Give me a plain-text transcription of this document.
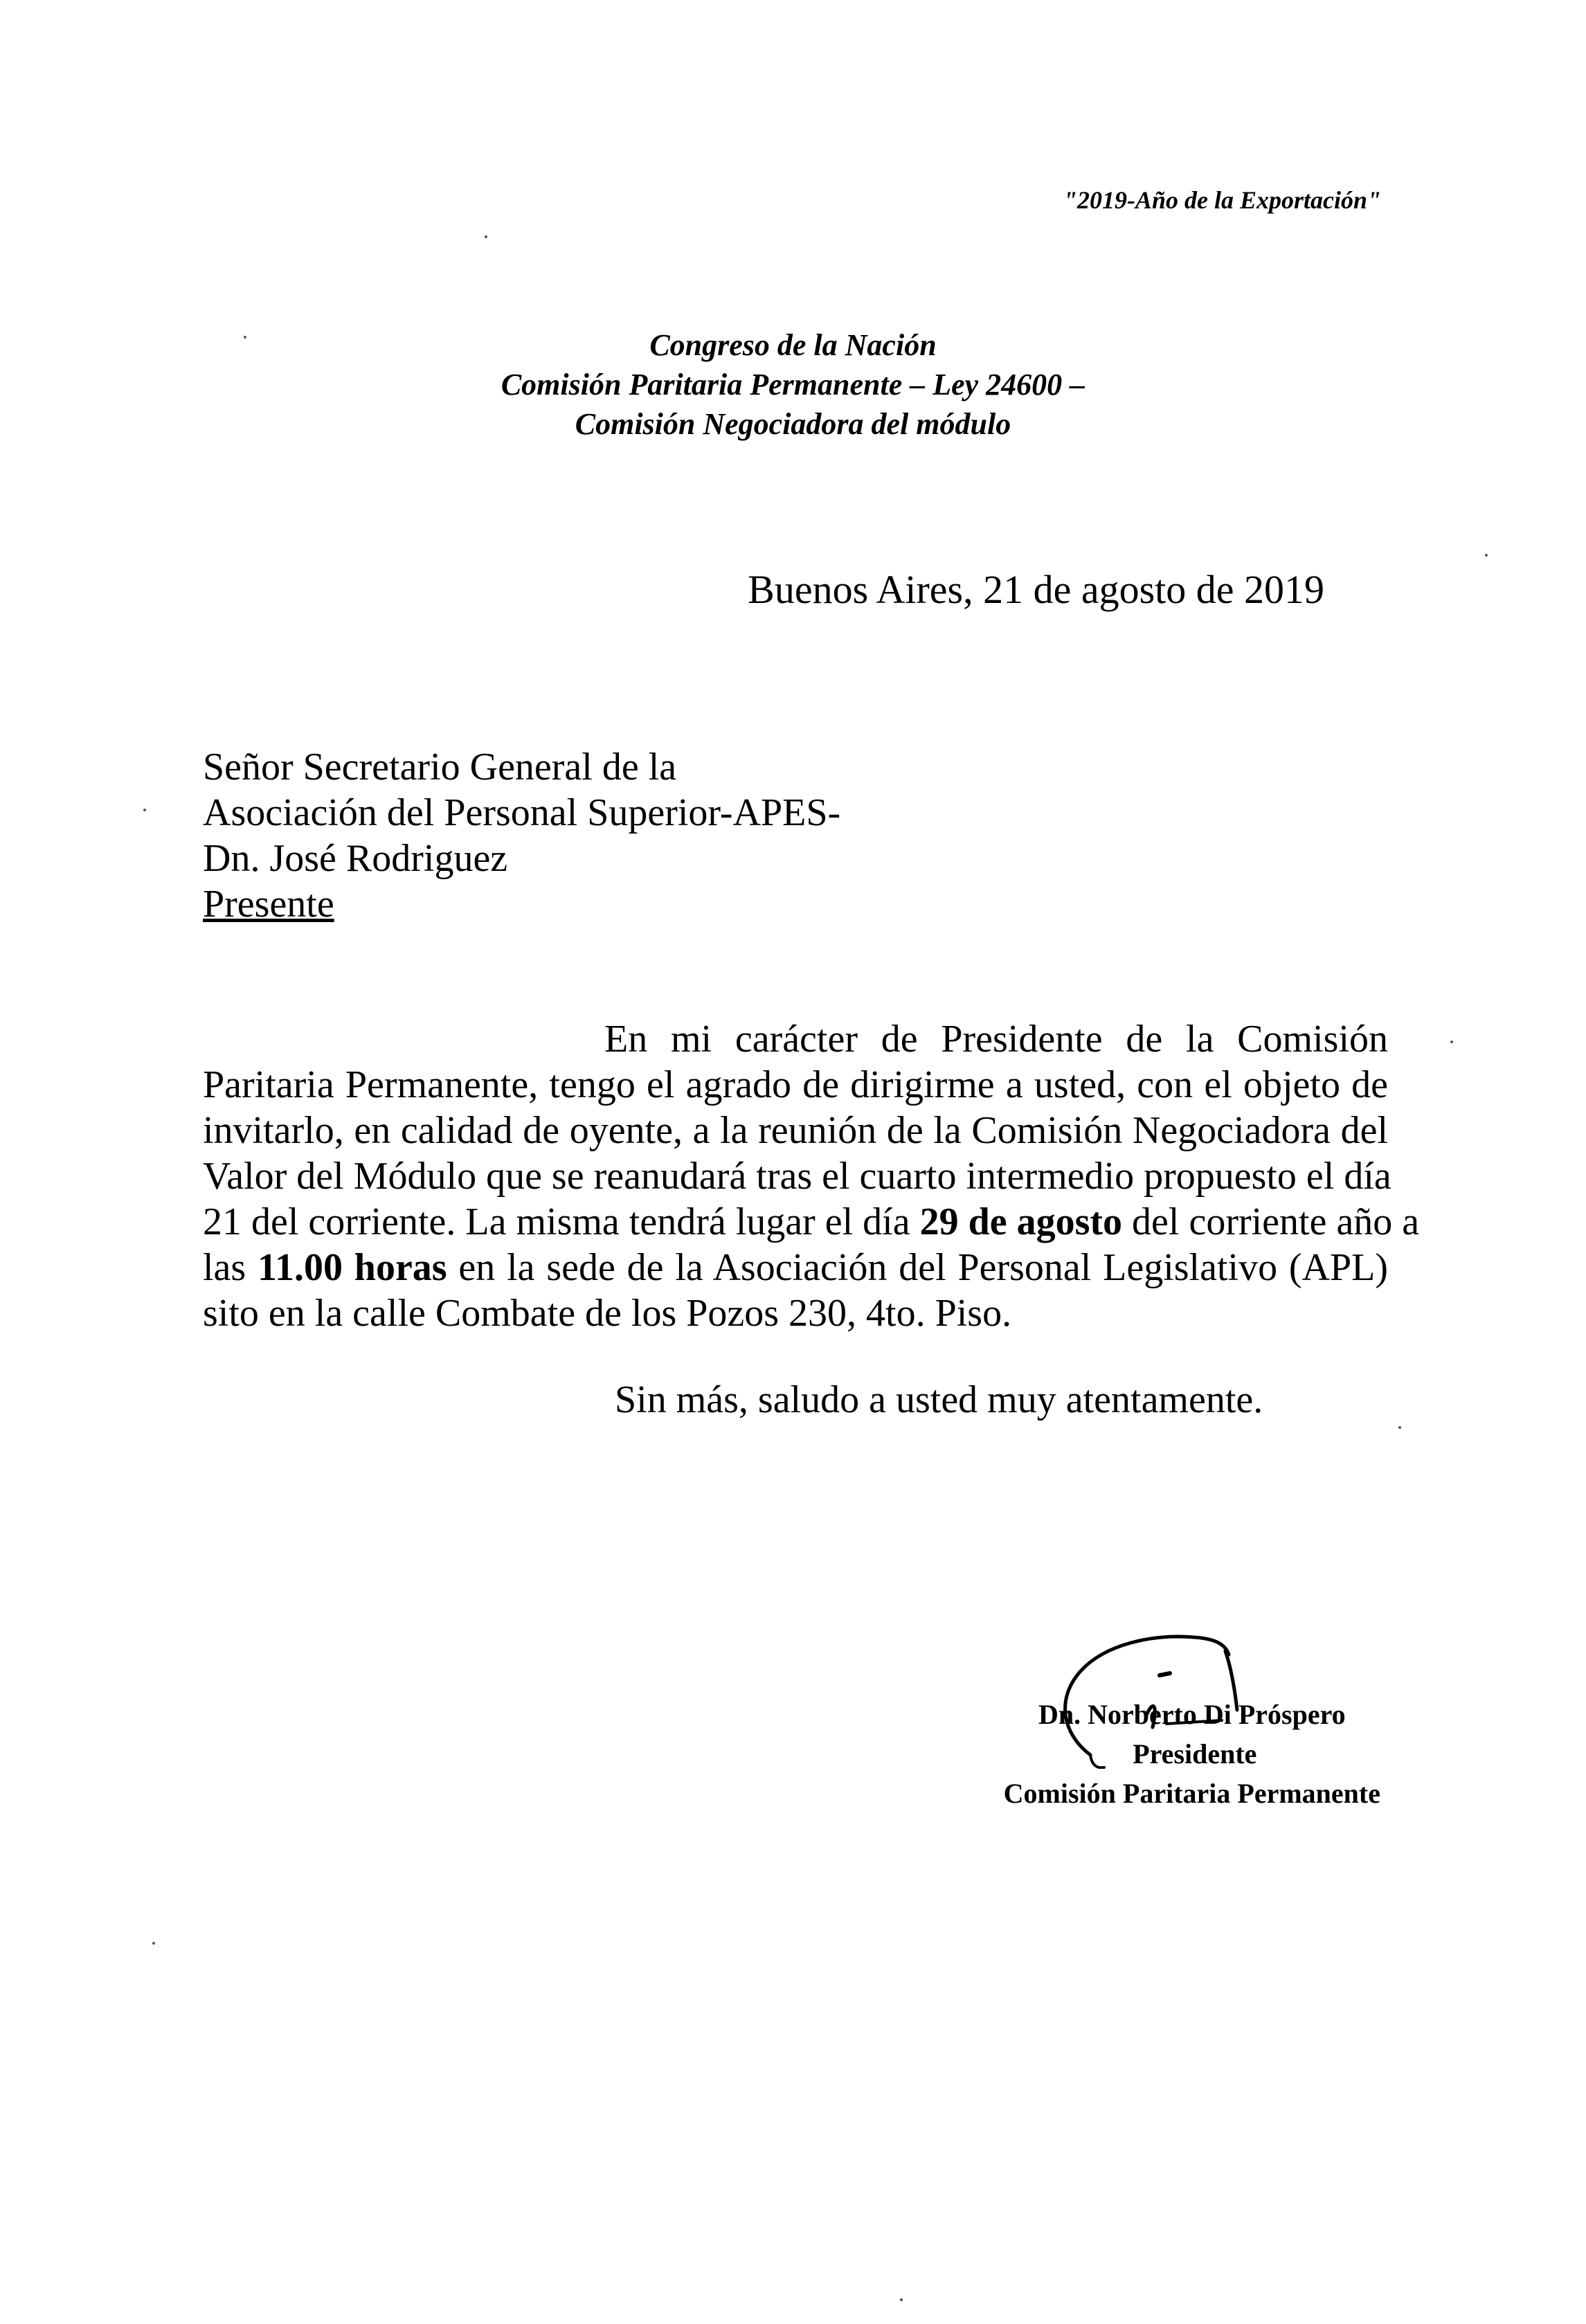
"2019-Año de la Exportación"
Congreso de la Nación
Comisión Paritaria Permanente – Ley 24600 –
Comisión Negociadora del módulo
Buenos Aires, 21 de agosto de 2019
Señor Secretario General de la
Asociación del Personal Superior-APES-
Dn. José Rodriguez
Presente
En mi carácter de Presidente de la Comisión
Paritaria Permanente, tengo el agrado de dirigirme a usted, con el objeto de
invitarlo, en calidad de oyente, a la reunión de la Comisión Negociadora del
Valor del Módulo que se reanudará tras el cuarto intermedio propuesto el día
21 del corriente. La misma tendrá lugar el día 29 de agosto del corriente año a
las 11.00 horas en la sede de la Asociación del Personal Legislativo (APL)
sito en la calle Combate de los Pozos 230, 4to. Piso.
Sin más, saludo a usted muy atentamente.
Dn. Norberto Di Próspero
Presidente
Comisión Paritaria Permanente
